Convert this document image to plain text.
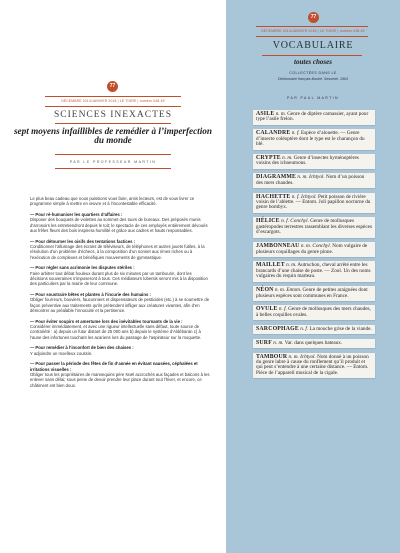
77
DÉCEMBRE 2014/JANVIER 2015 | LE TIGRE | numéro 048-49
SCIENCES INEXACTES
sept moyens infaillibles de remédier à l’imperfection du monde
PAR LE PROFESSEUR MARTIN

Le plus beau cadeau que nous puissions vous faire, amis lecteurs, est de vous livrer ce programme simple à mettre en œuvre et à l’incontestable efficacité.

— Pour ré-humaniser les quartiers d’affaires :
Disposer des bouquets de violettes au sommet des tours de bureaux. Des préposés munis d’arrosoirs les entretiendront depuis le toit; le spectacle de ces employés entièrement dévoués aux frêles fleurs des bois inspirera humilité et grâce aux cadres et hauts responsables.

— Pour détourner les oisifs des tentations factices :
Conditionner l’allumage des écrans de téléviseurs, de téléphones et autres jouets futiles, à la résolution d’un problème d’échecs, à la composition d’un sonnet aux rimes riches ou à l’exécution de complexes et bénéfiques mouvements de gymnastique.

— Pour régler sans acrimonie les disputes stériles :
Faire arbitrer tout débat houleux durant plus de six minutes par un tambourin, dont les décisions souveraines s’imposeront à tous. Ces médiateurs lobentis seront mis à la disposition des particuliers par la mairie de leur commune.

— Pour soustraire bêtes et plantes à l’incurie des humains :
Obliger fourreurs, bouviers, fauconniers et dispensateurs de pesticides (etc.) à se soumettre de façon préventive aux traitements qu’ils prétendent infliger aux créatures vivantes, afin d’en démontrer au préalable l’innocuité et la pertinence.

— Pour éviter soupirs et amertume lors des inévitables tournants de la vie :
Considérer immédiatement, et avec une rigueur intellectuelle sans défaut, toute source de contrariété : a) depuis un futur distant de 25 000 ans b) depuis le système d’Aldébaran c) à l’aune des infortunes touchant les acariens lors du passage de l’aspirateur sur la moquette.

— Pour remédier à l’inconfort de bien des chaises :
Y adjoindre un moelleux coussin.

— Pour passer la période des fêtes de fin d’année en évitant nausées, céphalées et irritations visuelles :
Obliger tous les propriétaires de mannequins père Noël accrochés aux façades et balcons à les enlever sans délai; sous peine de devoir prendre leur place durant tout l’hiver, et encore, ce châtiment est bien doux.

77
DÉCEMBRE 2014/JANVIER 2015 | LE TIGRE | numéro 048-49
VOCABULAIRE
toutes choses
COLLECTÉES DANS LE
Dictionnaire français illustré, Sesserel, 1963
PAR PAUL MARTIN
ASILE n. m. Genre de diptère carnassier, ayant pour type l’asile frelon.
CALANDRE n. f. Espèce d’alouette. — Genre d’insecte coléoptère dont le type est le charançon du blé.
CRYPTE n. m. Genre d’insectes hyménoptères voisins des ichneumons.
DIAGRAMME n. m. Ichtyol. Nom d’un poisson des mers chaudes.
HACHETTE n. f. Ichtyol. Petit poisson de rivière voisin de l’ablette. — Entom. Joli papillon nocturne du genre bombyx.
HÉLICE n. f. Conchyl. Genre de mollusques gastéropodes terrestres rassemblant les diverses espèces d’escargots.
JAMBONNEAU n. m. Conchyl. Nom vulgaire de plusieurs coquillages du genre pinne.
MAILLET n. m. Autruchon, cheval arrêté entre les brancards d’une chaise de poste. — Zool. Un des noms vulgaires du requin marteau.
NÉON n. m. Entom. Genre de petites araignées dont plusieurs espèces sont communes en France.
OVULE n. f. Genre de mollusques des mers chaudes, à belles coquilles ovales.
SARCOPHAGE n. f. La mouche grise de la viande.
SURF n. m. Var. dans quelques bateaux.
TAMBOUR n. m. Ichtyol. Nom donné à un poisson du genre labre à cause du ronflement qu’il produit et qui peut s’entendre à une certaine distance. — Entom. Pièce de l’appareil musical de la cigale.
